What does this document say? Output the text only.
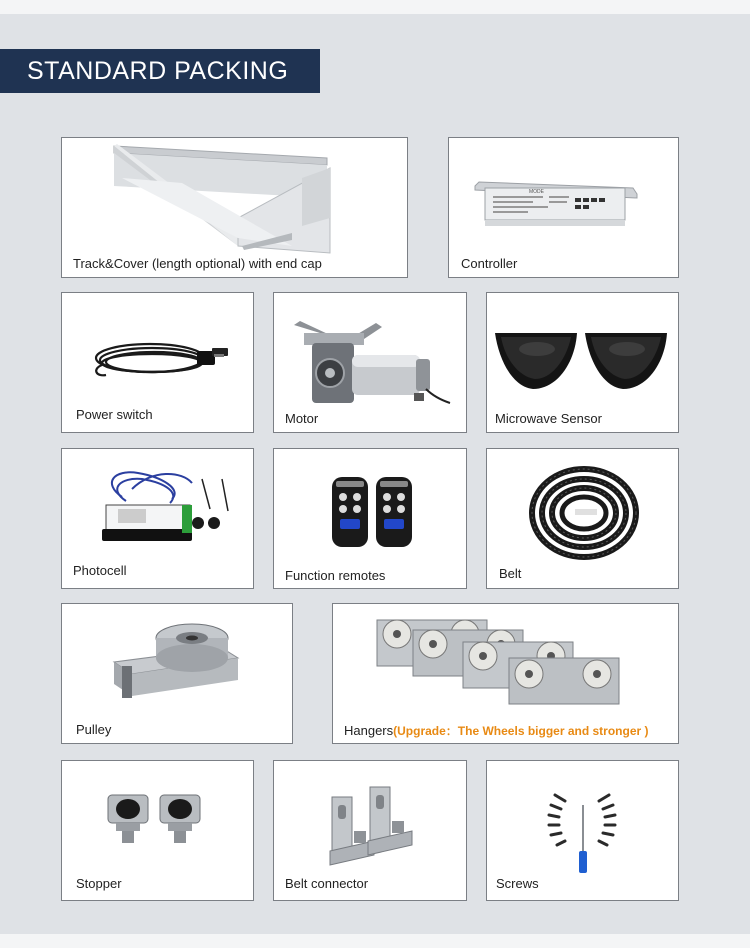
STANDARD PACKING
Track&Cover (length optional) with end cap
MODE
Controller
Power switch	Motor	Microwave Sensor
Photocell	Function remotes	Belt
Pulley	Hangers(Upgrade：The Wheels bigger and stronger )
Stopper	Belt connector	Screws
